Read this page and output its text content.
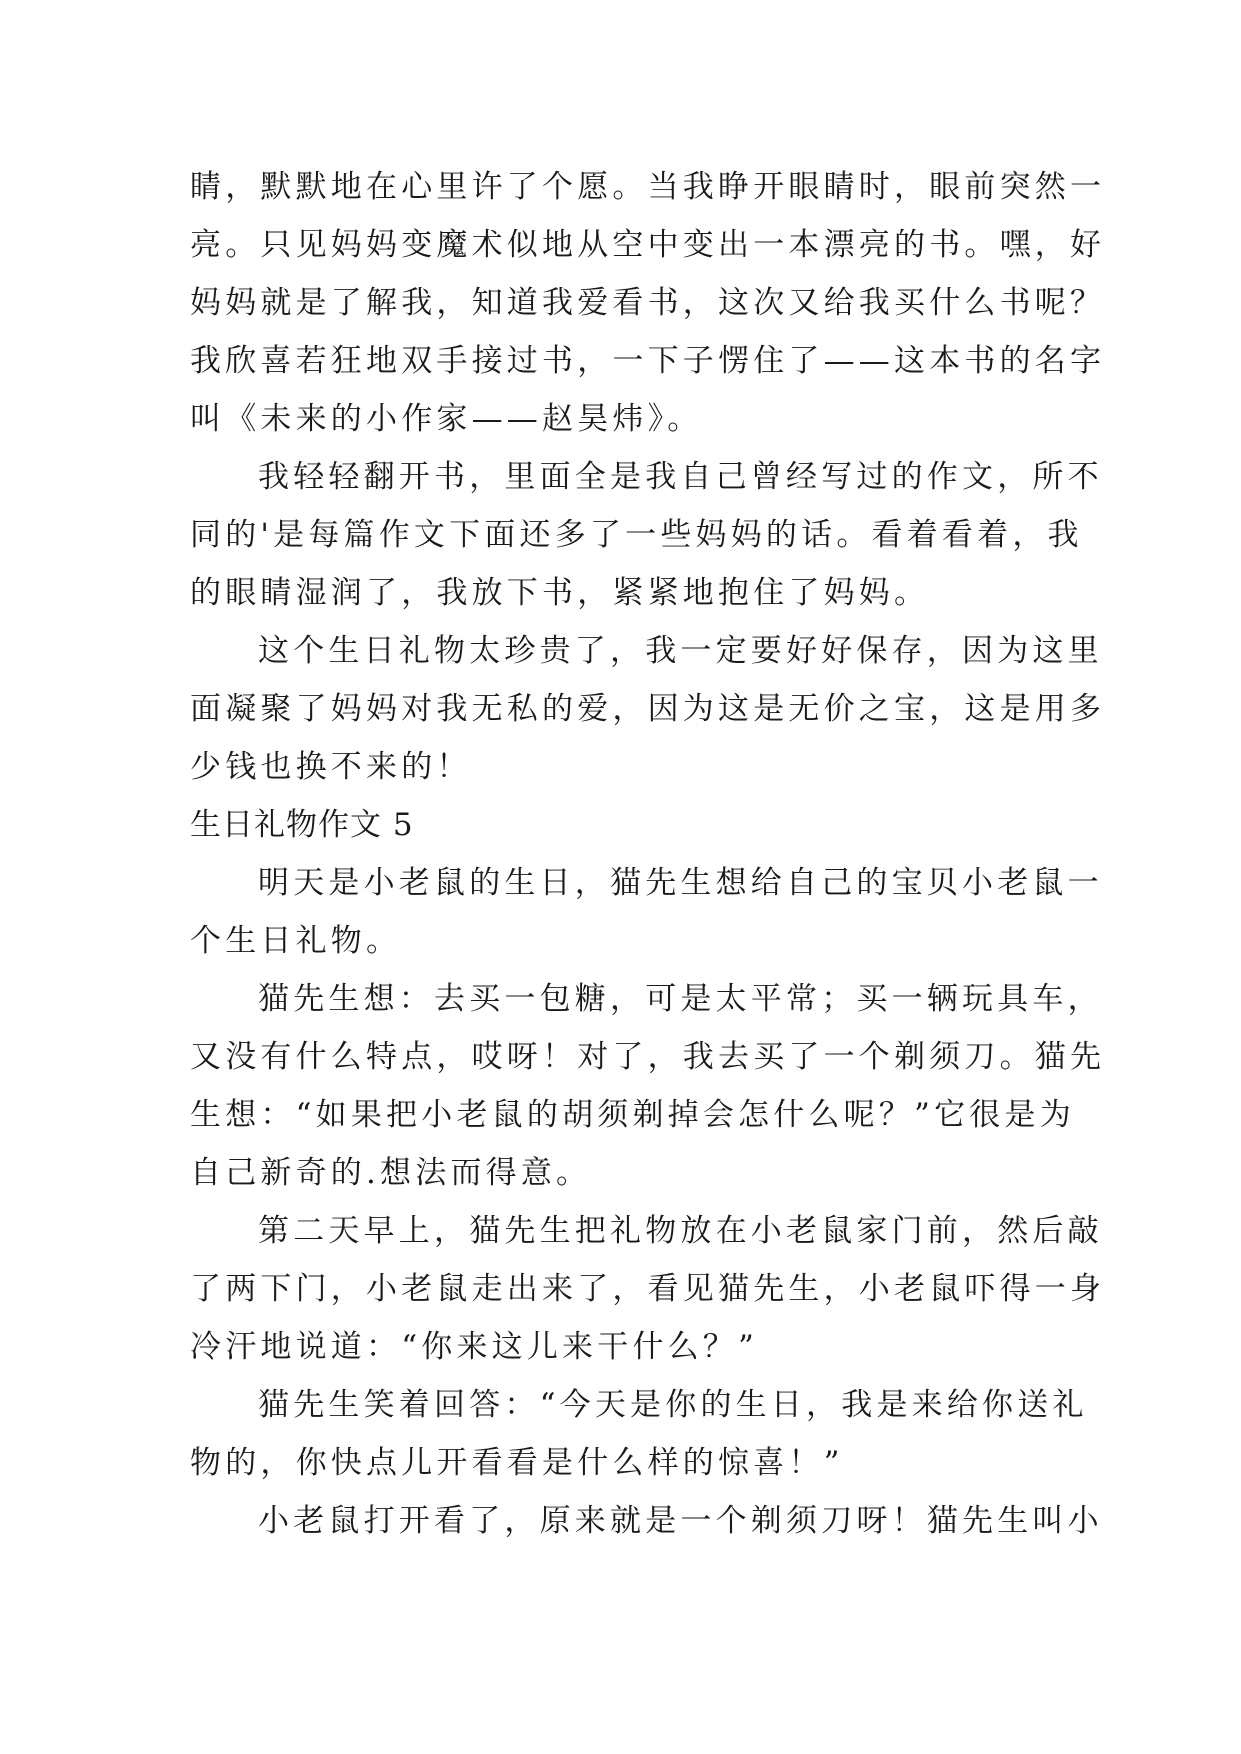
睛，默默地在心里许了个愿。当我睁开眼睛时，眼前突然一
亮。只见妈妈变魔术似地从空中变出一本漂亮的书。嘿，好
妈妈就是了解我，知道我爱看书，这次又给我买什么书呢？
我欣喜若狂地双手接过书，一下子愣住了——这本书的名字
叫《未来的小作家——赵昊炜》。
我轻轻翻开书，里面全是我自己曾经写过的作文，所不
同的'是每篇作文下面还多了一些妈妈的话。看着看着，我
的眼睛湿润了，我放下书，紧紧地抱住了妈妈。
这个生日礼物太珍贵了，我一定要好好保存，因为这里
面凝聚了妈妈对我无私的爱，因为这是无价之宝，这是用多
少钱也换不来的！
生日礼物作文 5
明天是小老鼠的生日，猫先生想给自己的宝贝小老鼠一
个生日礼物。
猫先生想：去买一包糖，可是太平常；买一辆玩具车，
又没有什么特点，哎呀！对了，我去买了一个剃须刀。猫先
生想：“如果把小老鼠的胡须剃掉会怎什么呢？”它很是为
自己新奇的.想法而得意。
第二天早上，猫先生把礼物放在小老鼠家门前，然后敲
了两下门，小老鼠走出来了，看见猫先生，小老鼠吓得一身
冷汗地说道：“你来这儿来干什么？”
猫先生笑着回答：“今天是你的生日，我是来给你送礼
物的，你快点儿开看看是什么样的惊喜！”
小老鼠打开看了，原来就是一个剃须刀呀！猫先生叫小
